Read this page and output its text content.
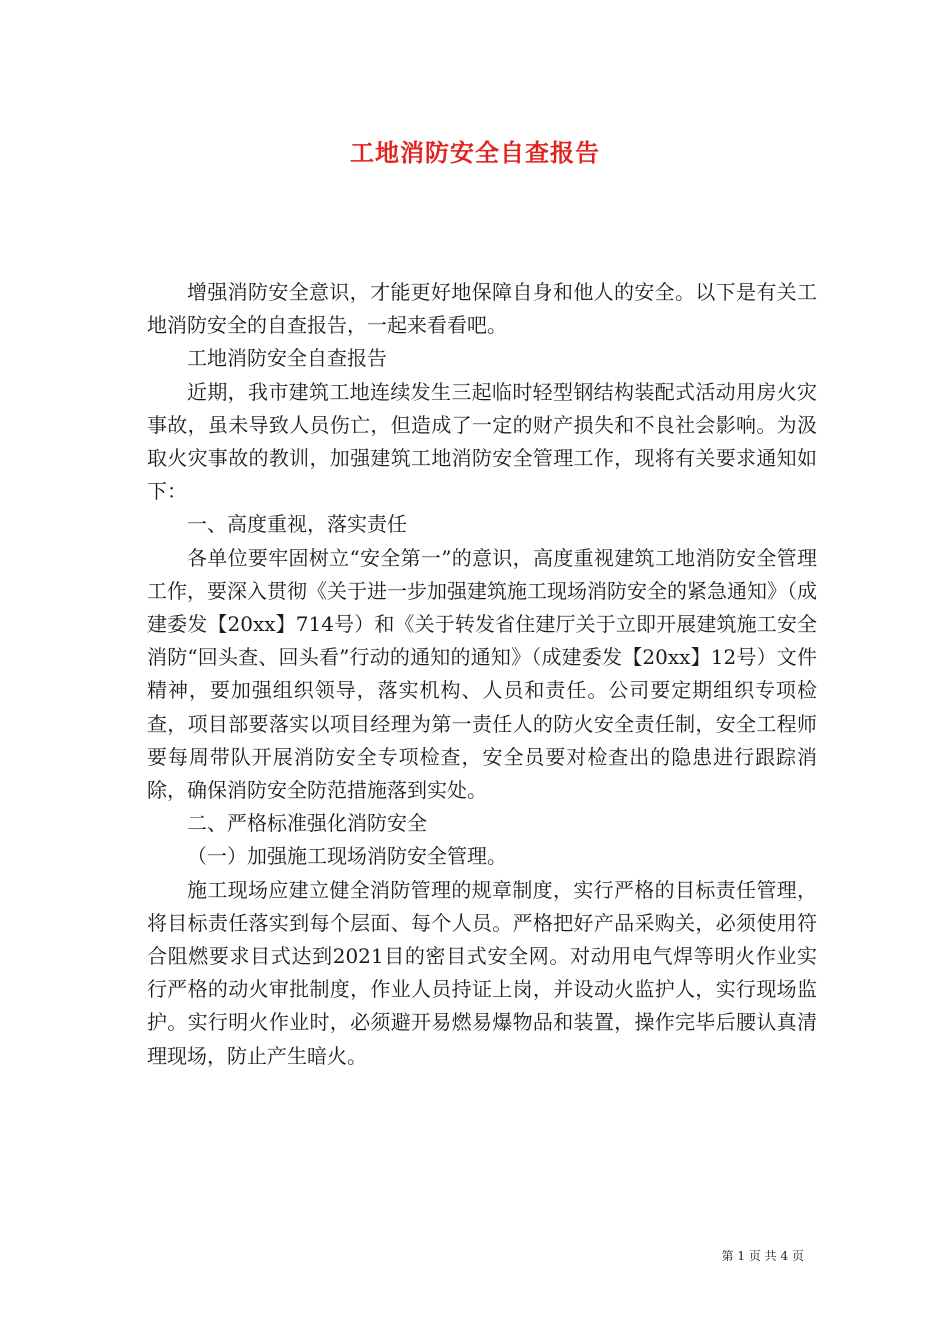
工地消防安全自查报告

增强消防安全意识，才能更好地保障自身和他人的安全。以下是有关工地消防安全的自查报告，一起来看看吧。

工地消防安全自查报告

近期，我市建筑工地连续发生三起临时轻型钢结构装配式活动用房火灾事故，虽未导致人员伤亡，但造成了一定的财产损失和不良社会影响。为汲取火灾事故的教训，加强建筑工地消防安全管理工作，现将有关要求通知如下：

一、高度重视，落实责任

各单位要牢固树立“安全第一”的意识，高度重视建筑工地消防安全管理工作，要深入贯彻《关于进一步加强建筑施工现场消防安全的紧急通知》（成建委发【20xx】714号）和《关于转发省住建厅关于立即开展建筑施工安全消防“回头查、回头看”行动的通知的通知》（成建委发【20xx】12号）文件精神，要加强组织领导，落实机构、人员和责任。公司要定期组织专项检查，项目部要落实以项目经理为第一责任人的防火安全责任制，安全工程师要每周带队开展消防安全专项检查，安全员要对检查出的隐患进行跟踪消除，确保消防安全防范措施落到实处。

二、严格标准强化消防安全

（一）加强施工现场消防安全管理。

施工现场应建立健全消防管理的规章制度，实行严格的目标责任管理，将目标责任落实到每个层面、每个人员。严格把好产品采购关，必须使用符合阻燃要求目式达到2021目的密目式安全网。对动用电气焊等明火作业实行严格的动火审批制度，作业人员持证上岗，并设动火监护人，实行现场监护。实行明火作业时，必须避开易燃易爆物品和装置，操作完毕后腰认真清理现场，防止产生暗火。

第 1 页 共 4 页
